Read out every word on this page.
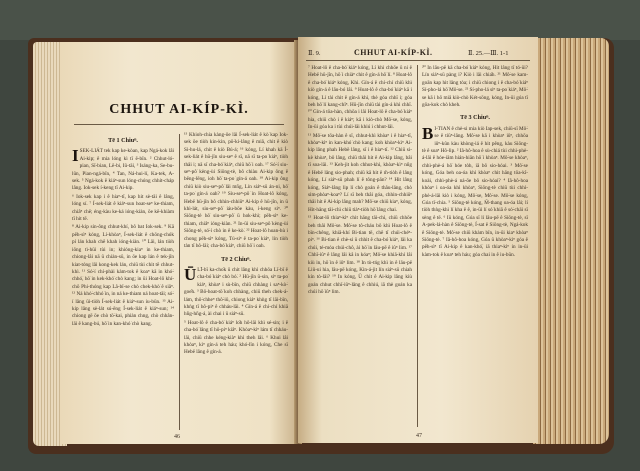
CHHUT AI-KÍP-KÌ.
Tē 1 Chiuⁿ.
I SEK-LIÁT tek kap ke-kòan, kap Ngá-kok lâi Ai-kip; ê mia lóng kì tī ē-bīn. ² Chhut-ló-pian, Sī-bian, Lē-bi, Iû-tāi, ³ Isáng-ka, Se-bu-lûn, Pian-ngá-bīn, ⁴ Tan, Ná-hui-lí, Ka-tek, A-sek. ⁵ Ngá-kok ê kiáⁿ-sun lóng-chóng chhit-cháp lâng. Iok-sek í-keng tī Ai-kip.

⁶ Iok-sek kap i ê hiaⁿ-tī, kap hit sè-tāi ê lâng, lóng sí. ⁷ Í-sek-liát ê kiáⁿ-sun hoat-seⁿ ke-thiam, chiâⁿ chē; éng-kàu ke-ká ióng-kiàn, ōe kē-khiàm tī hit tē.

⁸ Ai-kip sin-ông chhut-khí, bô bat Iok-sek. ⁹ Kā pēh-sìⁿ kóng, Lí-khòaⁿ, Í-sek-liát ê chōng-chók pí lán khah chē khah ióng-kiàn. ¹⁰ Lâi, lán tiòh iōng tì-hūi tùi in; khióng-kiaⁿ in ke-thiam, chiong-lâi nā ū chiàn-sū, in ōe kap lán ê tek-jîn kiat-tóng lâi kong-kek lán, chiū tùi chit tē chhut-khì. ¹¹ Só͘-í chí-phài kàm-tok ê koaⁿ kā in khó͘-chhó͘, hō͘ in kek-khó͘ chò kang; in ūi Hoat-lô khí-chō Phi-thóng kap Lâ-bî-se chò chek-khò͘ ê siâⁿ. ¹² Ná khó͘-chhó͘ in, in ná ke-thiam ná hoat-tāi; só͘-í lâng ūi-tiòh Í-sek-liát ê kiáⁿ-sun iu-būn. ¹³ Ai-kip lâng sè-lát sú-ēng Í-sek-liát ê kiáⁿ-sun; ¹⁴ chiong gē ōe chò tō͘-kai, phiàn chng, chò chhân-lāi ê kang-bú, hō͘ in kan-khó͘ chò kang.

¹⁵ Khioh-chia kàng-ôe lâi Í-sek-liát ê kò͘ kap Iok-sek ōe tiòh kin-kin, pō͘-ki-lâng ê miâ, chit ê kiò Si-hu-lá, chit ê kiò Bú-á; ¹⁶ kóng, Lí khah kā Í-sek-liát ê hū-jîn siu-seⁿ ê sî, nā sī ta-po͘ kiáⁿ, tiòh thâi i; nā sī cha-bó͘ kiáⁿ, chiū hō͘ i oah. ¹⁷ Só͘-í siu-seⁿ-pô͘ kèng-ùi Siōng-tè, bô chiàu Ai-kip ông ê bēng-lēng, ioh hō͘ ta-po͘ gín-á oah. ¹⁸ Ai-kip ông chiū kiò siu-seⁿ-pô͘ lâi mn̄g, Lín siáⁿ-sū án-ni, hō͘ ta-po͘ gín-á oah? ¹⁹ Siu-seⁿ-pô͘ ìn Hoat-lô kóng, Hebë hū-jîn bô chhin-chhiūⁿ Ai-kip ê hū-jîn, in ū khì-lát, siu-seⁿ-pô͘ iáu-bōe kàu, í-keng siⁿ. ²⁰ Siōng-tè hō͘ siu-seⁿ-pô͘ ū hok-khì; pēh-sìⁿ ke-thiam, chiâⁿ ióng-kiàn. ²¹ In-ūi siu-seⁿ-pô͘ kèng-ùi Siōng-tè, só͘-í chò in ê ke-kò͘. ²² Hoat-lô hoan-hù i chong pēh-sìⁿ kóng, Tú-siⁿ ê ta-po͘ kiáⁿ, lín tiòh tàn tī hô-lāi; cha-bó͘ kiáⁿ, chiū hō͘ i oah.

Tē 2 Chiuⁿ.
Ū LĪ-bī ka-cho̍k ū chit lâng khì chhōa Lī-bī ê cha-bó͘ kiáⁿ chò bó͘. ² Hū-jîn ū-sin, siⁿ ta-po͘ kiáⁿ, khòaⁿ i sù-bīn, chiū chhàng i saⁿ-kò͘-goe̍h. ³ Bô-hoat-tō͘ koh chhàng, chiū theh chek-á-lám, thô͘-chheⁿ thô͘-iû, chiong kiáⁿ khǹg tī lāi-bīn, khǹg tī hô-piⁿ ê chháu-lāi. ⁴ Gín-á ê chí-chí khiā hn̄g-hn̄g-á, ài chai i ū siáⁿ-sū.

⁵ Hoat-lô ê cha-bó͘ kiáⁿ lo̍h hô-lāi khì sé-sin; i ê cha-bó͘ lâng tī hô-piⁿ kiâⁿ. Khòaⁿ-kìⁿ lám tī chháu-lāi, chiū chhe kéng-kiàⁿ khì theh lâi. ⁶ Khui lâi khòaⁿ, kìⁿ gín-á teh háu; khó-lîn i kóng, Che sī Hebë lâng ê gín-á.

46
Ⅱ. 9.	CHHUT AI-KÍP-KÌ.	Ⅱ. 25.—Ⅲ. 1-1

⁷ Hoat-lô ê cha-bó͘ kiáⁿ kóng, Lí khì chhōe ū ni ê Hebë hū-jîn, hō͘ i chiàⁿ chit ê gín-á hō͘ lí. ⁸ Hoat-lô ê cha-bó͘ kiáⁿ kóng, Khì. Gín-á ê chí-chí chiū khì kiò gín-á ê lāu-bó lâi. ⁹ Hoat-lô ê cha-bó͘ kiáⁿ kā i kóng, Lí tài chit ê gín-á khì, thè góa chhī i; góa beh hō͘ lí kang-chîⁿ. Hū-jîn chiū tài gín-á khì chhī. ¹⁰ Gín-á tōa-hàn, chhōa i lâi Hoat-lô ê cha-bó͘ kiáⁿ hia, chiū chò i ê kiáⁿ; kā i kiò-chò Mô͘-se, kóng, In-ūi góa ka i tùi chúi-lāi khiú i chhut-lâi.

¹¹ Mô͘-se tōa-hàn ê sî, chhut-khì khòaⁿ i ê hiaⁿ-tī, khòaⁿ-kìⁿ in kan-khó͘ chò kang; koh khòaⁿ-kìⁿ Ai-kip lâng phah Hebë lâng, sī i ê hiaⁿ-tī. ¹² Chiū sì-kè khòaⁿ, bô lâng, chiū thâi hit ê Ai-kip lâng, bâi tī soa-lāi. ¹³ Keh-jit koh chhut-khì, khòaⁿ-kìⁿ nn̄g ê Hebë lâng sio-phah; chiū kā hit ê m̄-tiòh ê lâng kóng, Lí siáⁿ-sū phah lí ê tông-pān? ¹⁴ Hit lâng kóng, Siáⁿ-lâng lip lí chò goán ê thâu-lâng, chò sim-phòaⁿ-koaⁿ? Lí sī beh thâi góa, chhin-chhiūⁿ thâi hit ê Ai-kip lâng mah? Mô͘-se chiū kiaⁿ, kóng, Hit-hāng tāi-chì chiū tiàⁿ-tiòh hō͘ lâng chai.

¹⁵ Hoat-lô thiaⁿ-kìⁿ chit hāng tāi-chì, chiū chhōe beh thâi Mô͘-se. Mô͘-se tô-cháu bô khì Hoat-lô ê bīn-chêng, khiā-khí Bi-tian tē, chē tī chúi-chéⁿ-piⁿ. ¹⁶ Bi-tian ê chè-si ū chhit ê cha-bó͘ kiáⁿ, lâi ka chúi, té-móa chúi-chô, ài hō͘ in lāu-pē ê iûⁿ lim. ¹⁷ Chhī-iûⁿ ê lâng lâi kâ in kóaⁿ; Mô͘-se khiā-khí lâi kiù in, hō͘ in ê iûⁿ lim. ¹⁸ In tò-tńg khì in ê lāu-pē Liû-ui hia, lāu-pē kóng, Kin-á-jit lín siáⁿ-sū chiah kín tò-lâi? ¹⁹ In kóng, Ū chit ê Ai-kip lâng kiù goán chhut chhī-iûⁿ-lâng ê chhiú, iā thè goán ka chúi hō͘ iûⁿ lim.

²⁰ In lāu-pē kā cha-bó͘ kiáⁿ kóng, Hit lâng tī tó-ūi? Lín siáⁿ-sū pàng i? Kiò i lâi chia̍h. ²¹ Mô͘-se kam-goān kap hit lâng tòa; i chiū chiong i ê cha-bó͘ kiáⁿ Sí-pho-lá hō͘ Mô͘-se. ²² Sí-pho-lá siⁿ ta-po͘ kiáⁿ, Mô͘-se kā i hō miâ kiò-chò Két-sōng, kóng, In-ūi góa tī gōa-kok chò kheh.

Tē 3 Chiuⁿ.
B I-TIAN ê chè-si mia kiò Iap-sek, chiū-sī Mô͘-se ê tiūⁿ-lâng. Mô͘-se kā i khòaⁿ iûⁿ, chhōa iûⁿ-kûn kàu khòng-iá ê hit pêng, kàu Siōng-tè ê soaⁿ Hô-lip. ² Iâ-hô-hoa ê sù-chiá tùi chhì-phè-á-lāi ê hóe-iām hián-hiān hō͘ i khòaⁿ. Mô͘-se khòaⁿ, chhì-phè-á hō͘ hóe tòh, iā bô sio-hóai. ³ Mô͘-se kóng, Góa beh oa-óa khì khòaⁿ chit hāng tōa-kî-koài, chhì-phè-á ná-ōe bô sio-hóai? ⁴ Iâ-hô-hoa khòaⁿ i oa-óa khì khòaⁿ, Siōng-tè chiū tùi chhì-phè-á-lāi kiò i kóng, Mô͘-se, Mô͘-se. Mô͘-se kóng, Góa tī-chia. ⁵ Siōng-tè kóng, M̄-thang oa-óa lâi; lí tiòh thǹg-khì lí kha ê ê, in-ūi lí só͘ khiā ê só͘-chāi sī sèng ê tē. ⁶ Iū kóng, Góa sī lí lāu-pē ê Siōng-tè, sī A-pek-lá-hàn ê Siōng-tè, Í-sat ê Siōng-tè, Ngá-kok ê Siōng-tè. Mô͘-se chiū khàm bīn, in-ūi kiaⁿ khòaⁿ Siōng-tè. ⁷ Iâ-hô-hoa kóng, Góa ū khòaⁿ-kìⁿ góa ê pēh-sìⁿ tī Ai-kip ê kan-khó͘, iā thiaⁿ-kìⁿ in in-ūi kàm-tok ê koaⁿ teh háu; góa chai in ê iu-būn.

47
